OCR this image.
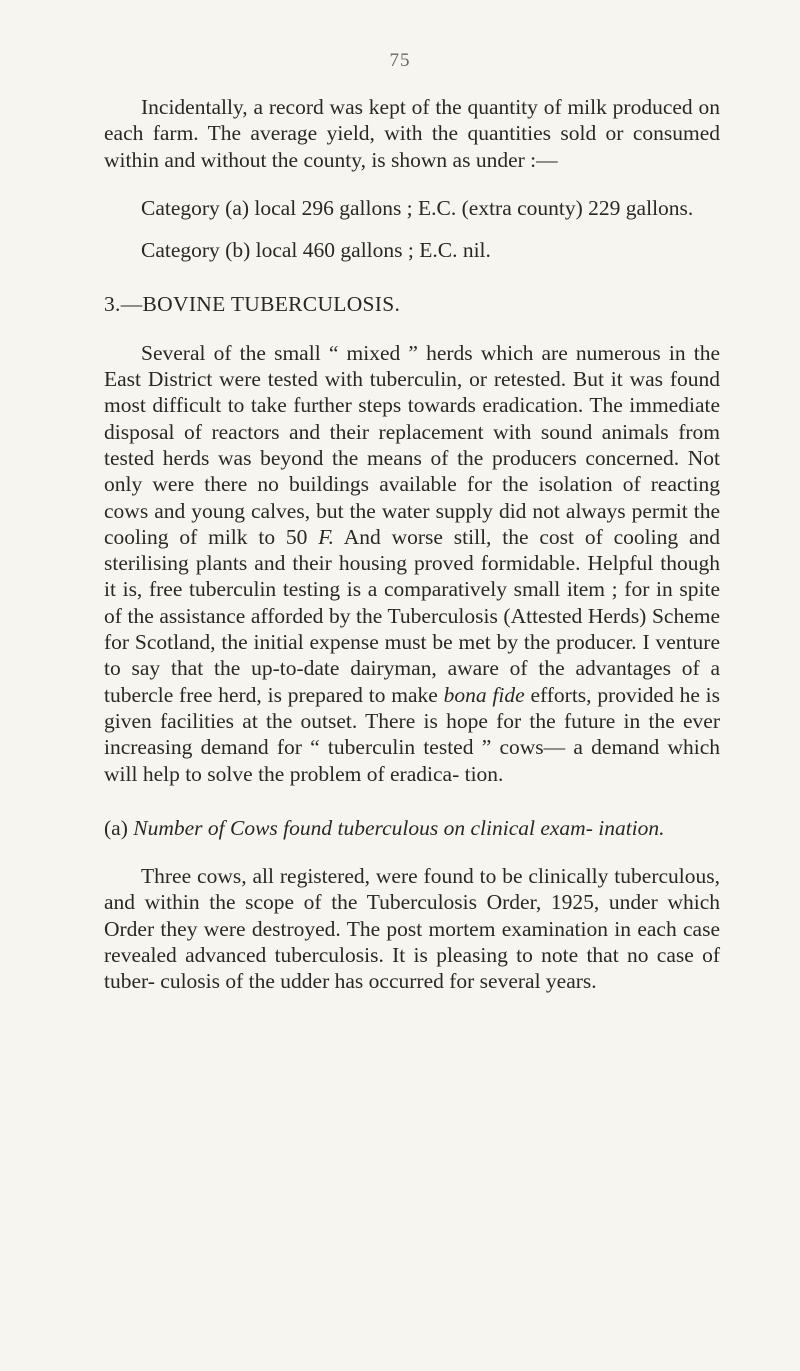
75

Incidentally, a record was kept of the quantity of milk produced on each farm. The average yield, with the quantities sold or consumed within and without the county, is shown as under :—

Category (a) local 296 gallons ; E.C. (extra county) 229 gallons.

Category (b) local 460 gallons ; E.C. nil.

3.—BOVINE TUBERCULOSIS.

Several of the small “ mixed ” herds which are numerous in the East District were tested with tuberculin, or retested. But it was found most difficult to take further steps towards eradication. The immediate disposal of reactors and their replacement with sound animals from tested herds was beyond the means of the producers concerned. Not only were there no buildings available for the isolation of reacting cows and young calves, but the water supply did not always permit the cooling of milk to 50 F. And worse still, the cost of cooling and sterilising plants and their housing proved formidable. Helpful though it is, free tuberculin testing is a comparatively small item ; for in spite of the assistance afforded by the Tuberculosis (Attested Herds) Scheme for Scotland, the initial expense must be met by the producer. I venture to say that the up-to-date dairyman, aware of the advantages of a tubercle free herd, is prepared to make bona fide efforts, provided he is given facilities at the outset. There is hope for the future in the ever increasing demand for “ tuberculin tested ” cows— a demand which will help to solve the problem of eradica- tion.

(a) Number of Cows found tuberculous on clinical exam- ination.

Three cows, all registered, were found to be clinically tuberculous, and within the scope of the Tuberculosis Order, 1925, under which Order they were destroyed. The post mortem examination in each case revealed advanced tuberculosis. It is pleasing to note that no case of tuber- culosis of the udder has occurred for several years.
